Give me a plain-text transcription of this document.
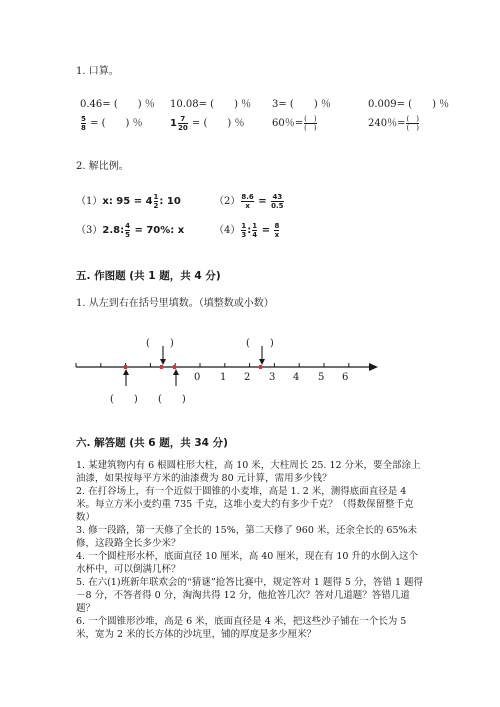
1. 口算。
0.46= (　　) ％ 10.08= (　　) ％ 3= (　　) ％	0.009= (　　) ％
$\frac{5}{8}$ = (　　) ％	$1 \frac{7}{20}$ = (　　) ％	60％= $\frac{( )}{( )}$	240％= $\frac{( )}{( )}$
2. 解比例。
（1）x: $95 = 4 \frac{1}{2}$ : 10	$(2) \frac{8.6}{x} = \frac{43}{0.5}$
（3）2.8: $\frac{4}{5} = 70\%$: x	$(4) \frac{1}{3}$ : $\frac{1}{4} = \frac{8}{x}$
五. 作图题 (共 1 题，共 4 分)
1. 从左到右在括号里填数。（填整数或小数）
(　　)	(　　)
(　　) (　　)
0 1 2 3 4 5 6
六. 解答题 (共 6 题，共 34 分)
1. 某建筑物内有 6 根圆柱形大柱，高 10 米，大柱周长 25. 12 分米，要全部涂上油漆，如果按每平方米的油漆费为 80 元计算，需用多少钱？
2. 在打谷场上，有一个近似于圆锥的小麦堆，高是 1. 2 米，测得底面直径是 4 米。每立方米小麦约重 735 千克，这堆小麦大约有多少千克？（得数保留整千克数）
3. 修一段路，第一天修了全长的 15%，第二天修了 960 米，还余全长的 65%未修，这段路全长多少米？
4. 一个圆柱形水杯，底面直径 10 厘米，高 40 厘米，现在有 10 升的水倒入这个水杯中，可以倒满几杯？
5. 在六(1)班新年联欢会的“猜谜”抢答比赛中，规定答对 1 题得 5 分，答错 1 题得－8 分，不答者得 0 分，淘淘共得 12 分，他抢答几次？答对几道题？答错几道题？
6. 一个圆锥形沙堆，高是 6 米，底面直径是 4 米，把这些沙子铺在一个长为 5 米，宽为 2 米的长方体的沙坑里，铺的厚度是多少厘米？
